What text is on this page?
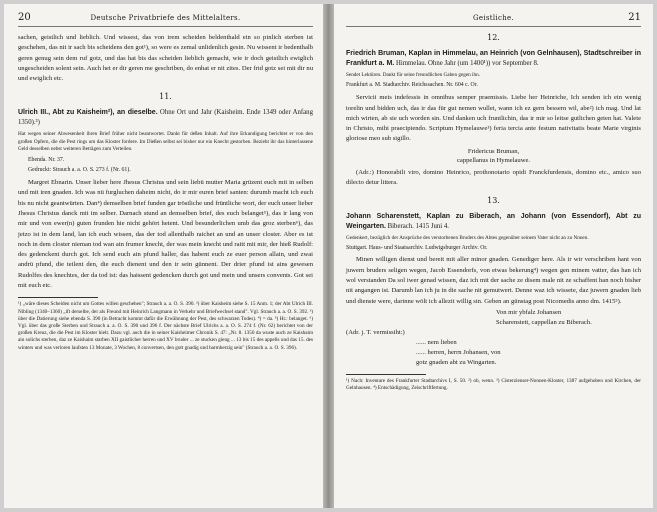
20	Deutsche Privatbriefe des Mittelalters.

sachen, geistlich und lieblich. Und wissest, das von irem scheiden beldenthald ein so pinlich sterben ist geschehen, das nit ir sach bis scheidens den got¹), so were es zemal unlidenlich gesin. Nu wissent ir bedenthalb geren genug sein dem ruf gotz, und das hat bis das scheiden lieblich gemacht, wie ir doch geistlich ewiglich ungescheiden solent sein. Auch het er dir geren me geschriben, do enhat er nit zites. Der frid gotz sei mit dir nu und ewiglich etc.

11.

Ulrich III., Abt zu Kaisheim²), an dieselbe. Ohne Ort und Jahr (Kaisheim. Ende 1349 oder Anfang 1350).³)

Hat wegen seiner Abwesenheit ihren Brief früher nicht beantwortet. Dankt für deßen Inhalt. Auf ihre Erkundigung berichtet er von den großen Opfern, die die Pest rings um das Kloster fordere. Im Dießen selbst sei bisher nur ein Knecht gestorben. Bezieht ihr das hinterlassene Geld desselben nebst weiteren Beträgen zum Verteilen.

Ebenda. Nr. 37.

Gedruckt: Strauch a. a. O. S. 273 f. (Nr. 61).

Margret Ebnarin. Unser lieber here Jhesus Christus und sein liebü mutter Maria grüzent euch mit in selben und mit iren gnaden. Ich was nü furgluchen daheim nicht, do ir mir euren brief santen: durumb macht ich euch bis nu nicht geantwürten. Dan⁴) demselben brief funden gar tröstliche und früntliche wort, der euch unser lieber Jhesus Christus danck mit im selber. Darnach stund an demselben brief, des euch belanget⁵), das ir lang von mir und von ewer(n) guten frunden hie nicht gehört hetent. Und besunderlichen umb das groz sterben⁶), das jetzo ist in dem land, lan ich euch wissen, das der tod allenthalb raichet an und an unser closter. Aber es ist noch in dem closter nieman tod wan ain frumer knecht, der was mein knecht und raitt mit mir, der hieß Rudolf: des gedenckent durch got. Ich send euch ain pfund haller, das habent euch ze euer person allain, und zwai andrü pfund, die teilent den, die euch dienent und den ir sein günnent. Der drier pfund ist ains gewesen Rudolfes des knechtes, der da tod ist: das haissent gedencken durch got und mein und unsers convents. Got sei mit euch etc.

¹) „wäre dieses Scheiden nicht um Gottes willen geschehen"; Strauch a. a. O. S. 390. ²) über Kaisheim siehe S. 15 Anm. 1; der Abt Ulrich III. Nibling (1340–1360) „ift derselbe, der als Freund mit Heinrich Langmann in Verkehr und Briefwechsel stand". Vgl. Strauch a. a. O. S. 392. ³) über die Datierung siehe ebenda S. 390 (in Betracht kommt dafür die Erwähnung der Pest, des schwarzen Todes). ⁴) = da. ⁵) Hr.: belanget. ⁶) Vgl. über das große Sterben und Strauch a. a. O. S. 390 und 396 f. Der nächste Brief Ulrichs a. a. O. S. 274 f. (Nr. 62) berichtet von der großen Kreuz, die die Pest im Kloster hielt. Dazu vgl. auch die in seiner Kaisheimer Chronik S. 47: „Nr. 8. 1350 da wuste auch ze Kaishaim ain solichs sterben, daz ze Kaishaim starben XII gaistlicher herren und XV bruder ... ze stucken gieng ... 13 bis 15 des appells und das 15. des winters und was verloren laufsten 13 Monate, 3 Wochen, 8 convertsen, den gott gnadig und barmherzig sein" (Strauch a. a. O. S. 396).

Geistliche.	21
12.

Friedrich Bruman, Kaplan in Himmelau, an Heinrich (von Gelnhausen), Stadtschreiber in Frankfurt a. M. Himmelau. Ohne Jahr (um 1400¹)) vor September 8.

Sendet Lektüren. Dankt für seine freundlichen Gaben gegen ihn.

Frankfurt a. M. Stadtarchiv. Reichssachen. Nr. 604 c. Or.

Servicii meis indefessis in omnibus semper praemissis. Liebe her Heinriche, Ich senden ich ein wenig torelin und bidden uch, das ir das für gut nemen wullet, wann ich ez gern bessern wil, abe²) ich mag. Und lat mich wirten, ab sie uch worden sin. Und danken uch fruntlichin, das ir mir so leitse gutlichen geten hat. Valete in Christo, mihi praecipiendo. Scriptum Hymelauwe³) feria tercia ante festum nativitatis beate Marie virginis gloriose meo sub sigillo.

Fridericus Bruman,
cappellanus in Hymelauwe.

(Adr.:) Honorabili viro, domino Heinrico, prothonotario opidi Franckfurdensis, domino etc., amico suo dilecto detur littera.

13.

Johann Scharenstett, Kaplan zu Biberach, an Johann (von Essendorf), Abt zu Weingarten. Biberach. 1415 Juni 4.

Gedenkert, bezüglich der Ansprüche des verstorbenen Bruders des Abtes gegenüber seinem Vater nicht an zu Nnnen.

Stuttgart. Haus- und Staatsarchiv. Ludwigsburger Archiv. Or.

Minen willigen dienst und bereit mit aller minor gnaden. Genediger here. Als ir wir verschriben hant von juwern bruders seligen wegen, Jacob Essendorfs, von etwas bekerung⁴) wegen gen minem vatter, das han ich wol verstanden Da sol iwer genad wissen, daz ich mit der sache ze disem male nit ze schaffent han noch bisher nit angangen ist. Darumb lan ich ju in die sache nit gemutwert. Denne waz ich wissete, daz juwern gnaden lieb und dienste were, darinne wölt ich allezit willig sin. Geben an günstag post Nicomedis anno dm. 1415⁵).

Von mir ybfalz Johansen
Scharenstett, cappellan zu Biberach.
(Adr. j. T. vermissiht:)
...... nem lieben
...... herren, herrn Johansen, von
gotz gnaden abt zu Wingarten.

¹) Nach: Inventare des Frankfurter Stadtarchivs I, S. 50. ²) ob, wenn. ³) Cisterzienser-Nonnen-Kloster, 1387 aufgehoben und Kirchen, der Gelnhausen. ⁴) Entschädigung, Zeischriftfertung.
